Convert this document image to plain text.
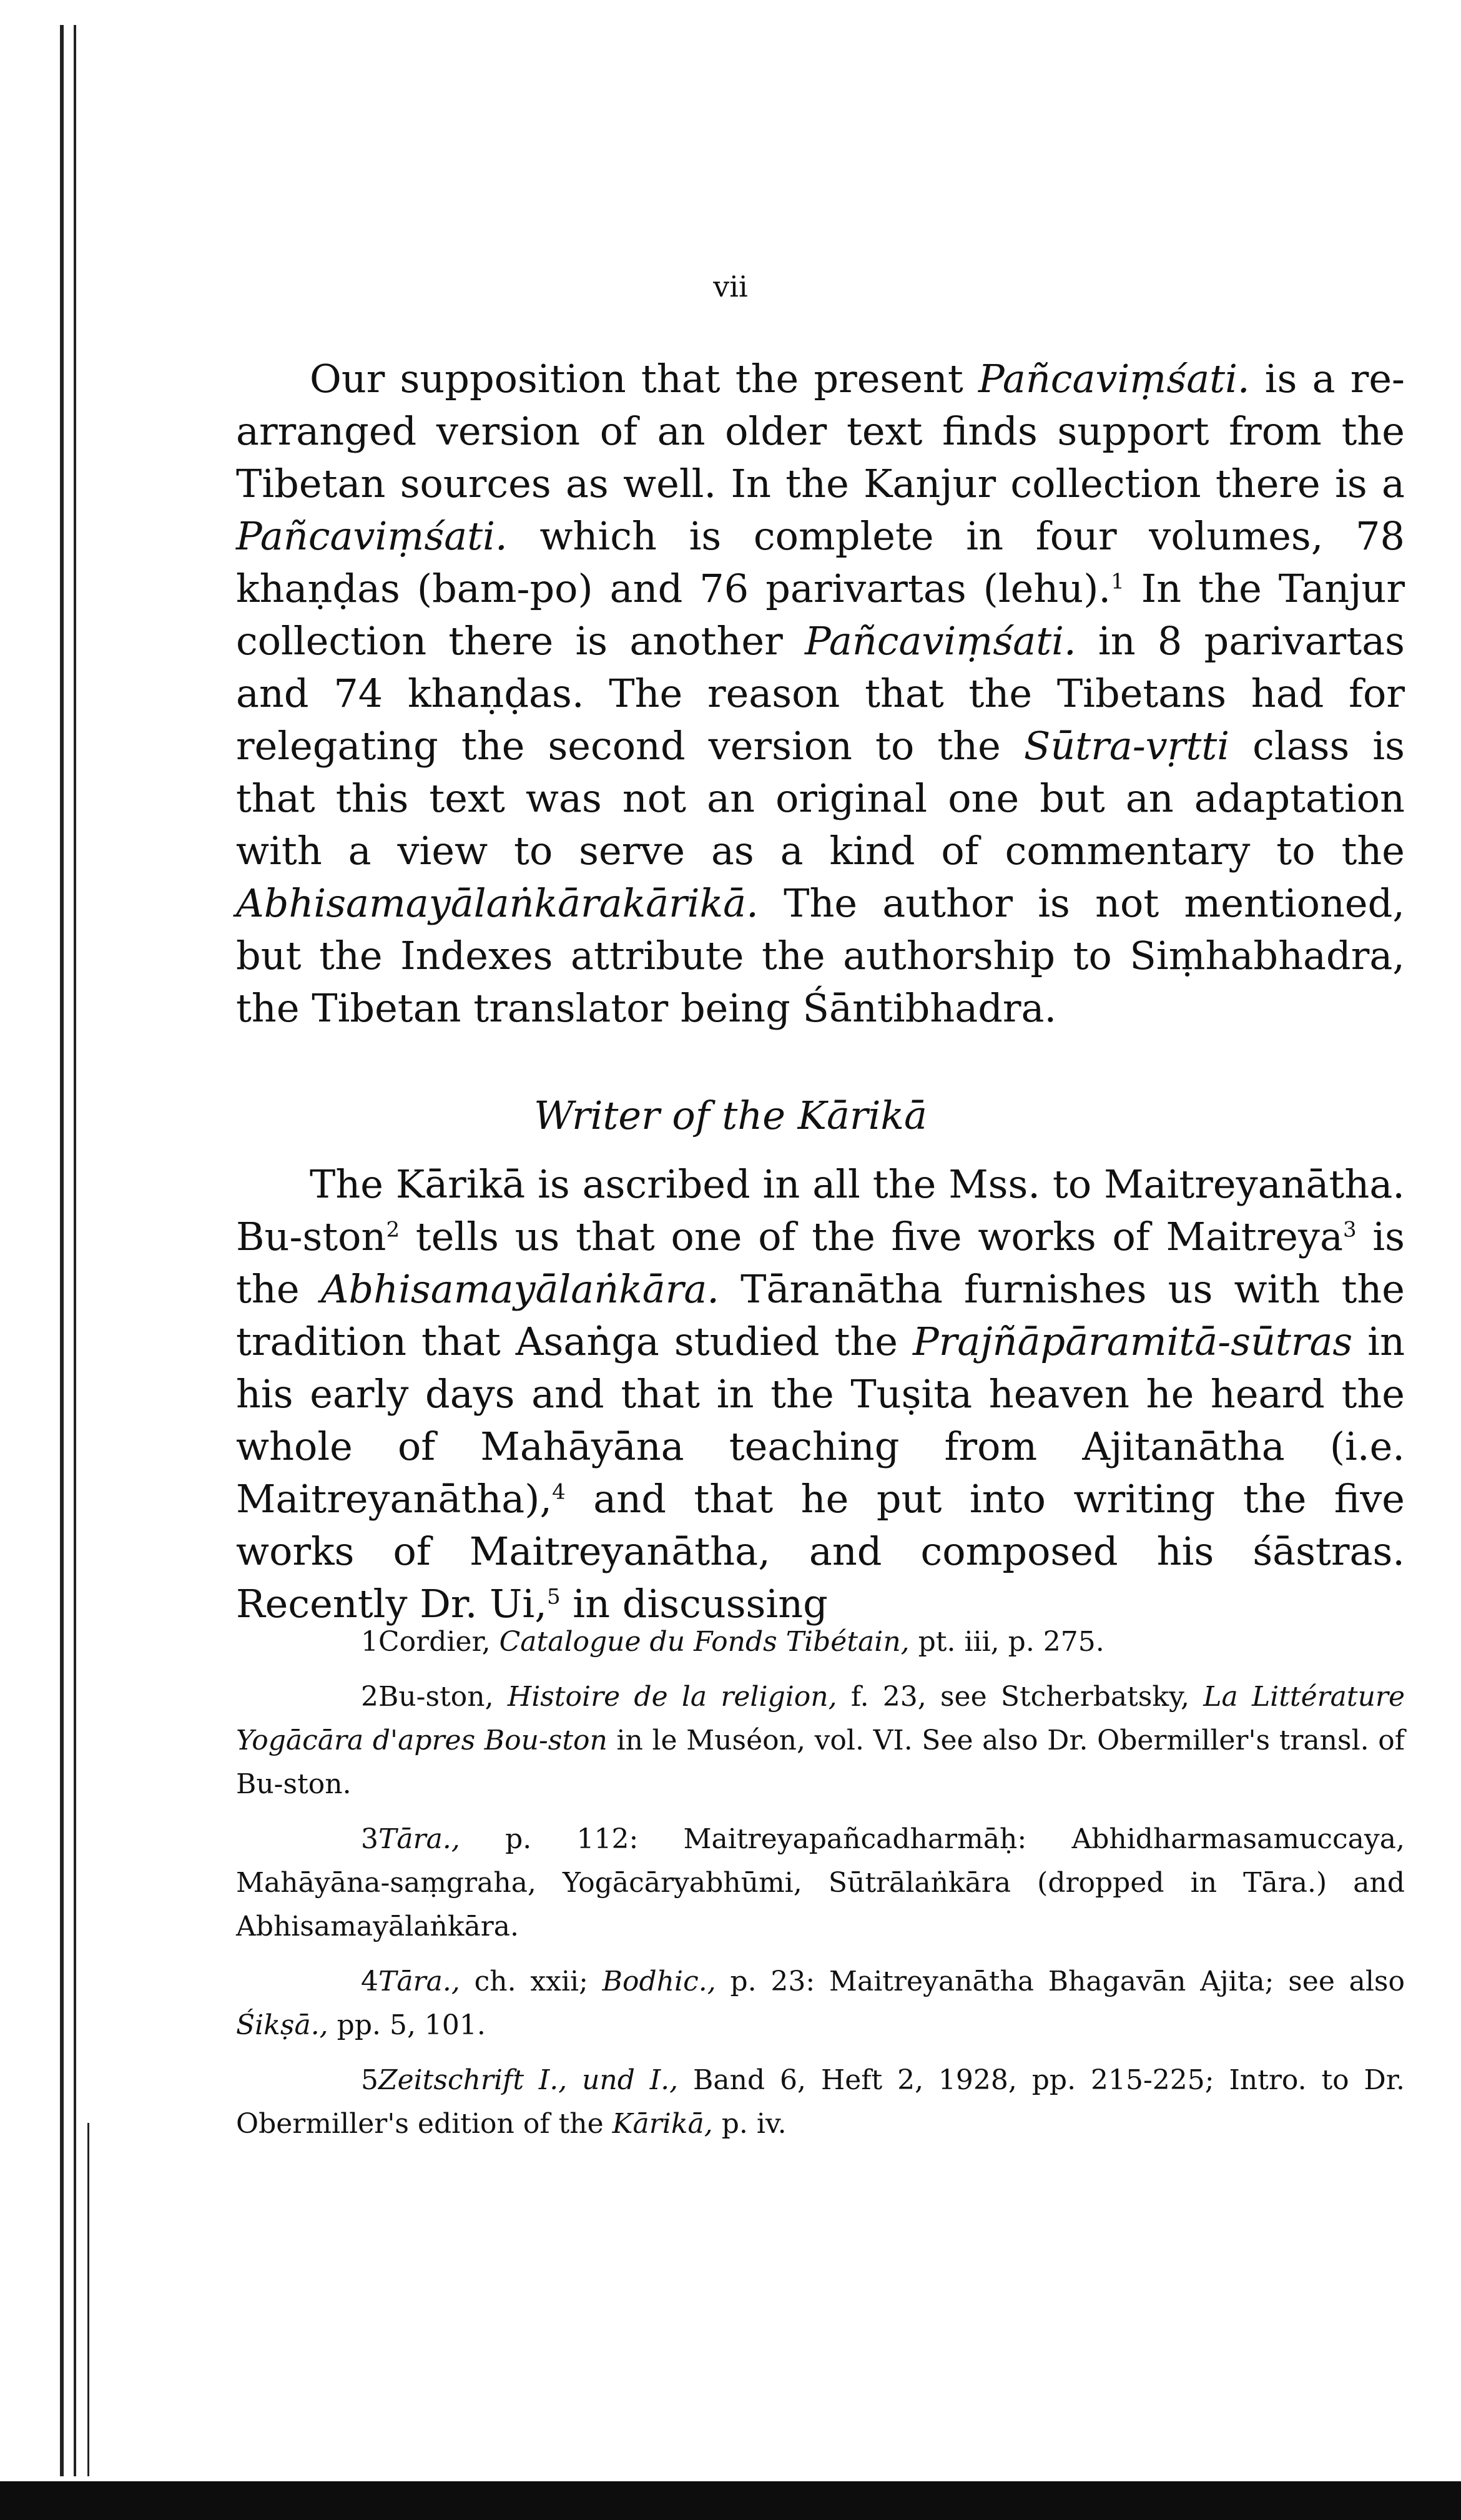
vii

Our supposition that the present Pañcaviṃśati. is a re-arranged version of an older text finds support from the Tibetan sources as well. In the Kanjur collection there is a Pañcaviṃśati. which is complete in four volumes, 78 khaṇḍas (bam-po) and 76 parivartas (lehu).$^1$ In the Tanjur collection there is another Pañcaviṃśati. in 8 parivartas and 74 khaṇḍas. The reason that the Tibetans had for relegating the second version to the Sūtra-vṛtti class is that this text was not an original one but an adaptation with a view to serve as a kind of commentary to the Abhisamayālaṅkārakārikā. The author is not mentioned, but the Indexes attribute the authorship to Siṃhabhadra, the Tibetan translator being Śāntibhadra.

Writer of the Kārikā

The Kārikā is ascribed in all the Mss. to Maitreyanātha. Bu-ston$^2$ tells us that one of the five works of Maitreya$^3$ is the Abhisamayālaṅkāra. Tāranātha furnishes us with the tradition that Asaṅga studied the Prajñāpāramitā-sūtras in his early days and that in the Tuṣita heaven he heard the whole of Mahāyāna teaching from Ajitanātha (i.e. Maitreyanātha),$^4$ and that he put into writing the five works of Maitreyanātha, and composed his śāstras. Recently Dr. Ui,$^5$ in discussing

1Cordier, Catalogue du Fonds Tibétain, pt. iii, p. 275.

2Bu-ston, Histoire de la religion, f. 23, see Stcherbatsky, La Littérature Yogācāra d'apres Bou-ston in le Muséon, vol. VI. See also Dr. Obermiller's transl. of Bu-ston.

3Tāra., p. 112: Maitreyapañcadharmāḥ: Abhidharmasamuccaya, Mahāyāna-saṃgraha, Yogācāryabhūmi, Sūtrālaṅkāra (dropped in Tāra.) and Abhisamayālaṅkāra.

4Tāra., ch. xxii; Bodhic., p. 23: Maitreyanātha Bhagavān Ajita; see also Śikṣā., pp. 5, 101.

5Zeitschrift I., und I., Band 6, Heft 2, 1928, pp. 215-225; Intro. to Dr. Obermiller's edition of the Kārikā, p. iv.
